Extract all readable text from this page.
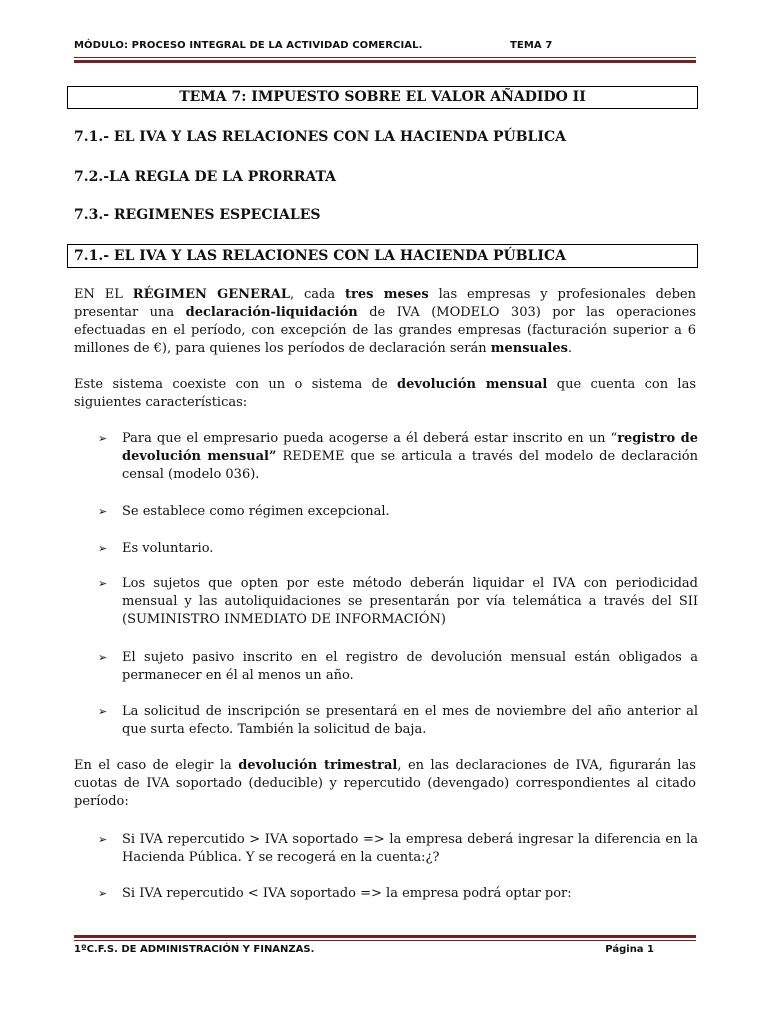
MÓDULO: PROCESO INTEGRAL DE LA ACTIVIDAD COMERCIAL.	TEMA 7
TEMA 7: IMPUESTO SOBRE EL VALOR AÑADIDO II
7.1.- EL IVA Y LAS RELACIONES CON LA HACIENDA PÚBLICA
7.2.-LA REGLA DE LA PRORRATA
7.3.- REGIMENES ESPECIALES
7.1.- EL IVA Y LAS RELACIONES CON LA HACIENDA PÚBLICA
EN EL RÉGIMEN GENERAL, cada tres meses las empresas y profesionales deben presentar una declaración-liquidación de IVA (MODELO 303) por las operaciones efectuadas en el período, con excepción de las grandes empresas (facturación superior a 6 millones de €), para quienes los períodos de declaración serán mensuales.
Este sistema coexiste con un o sistema de devolución mensual que cuenta con las siguientes características:
➢ Para que el empresario pueda acogerse a él deberá estar inscrito en un “registro de devolución mensual” REDEME que se articula a través del modelo de declaración censal (modelo 036).
➢ Se establece como régimen excepcional.
➢ Es voluntario.
➢ Los sujetos que opten por este método deberán liquidar el IVA con periodicidad mensual y las autoliquidaciones se presentarán por vía telemática a través del SII (SUMINISTRO INMEDIATO DE INFORMACIÓN)
➢ El sujeto pasivo inscrito en el registro de devolución mensual están obligados a permanecer en él al menos un año.
➢ La solicitud de inscripción se presentará en el mes de noviembre del año anterior al que surta efecto. También la solicitud de baja.
En el caso de elegir la devolución trimestral, en las declaraciones de IVA, figurarán las cuotas de IVA soportado (deducible) y repercutido (devengado) correspondientes al citado período:
➢ Si IVA repercutido > IVA soportado => la empresa deberá ingresar la diferencia en la Hacienda Pública. Y se recogerá en la cuenta:¿?
➢ Si IVA repercutido < IVA soportado => la empresa podrá optar por:
1ºC.F.S. DE ADMINISTRACIÓN Y FINANZAS.	Página 1
